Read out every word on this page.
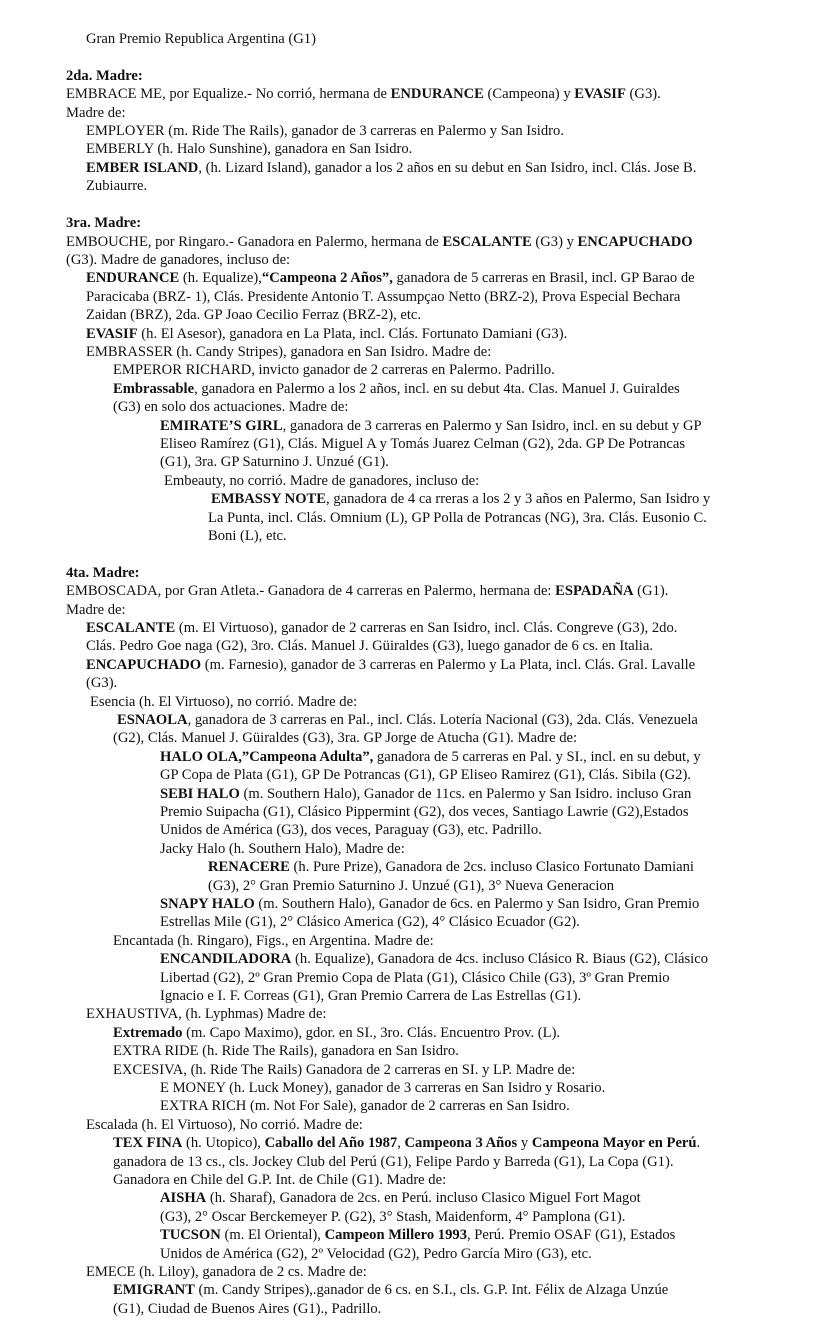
Gran Premio Republica Argentina (G1)
2da. Madre:
EMBRACE ME, por Equalize.- No corrió, hermana de ENDURANCE (Campeona) y EVASIF (G3).
Madre de:
EMPLOYER (m. Ride The Rails), ganador de 3 carreras en Palermo y San Isidro.
EMBERLY (h. Halo Sunshine), ganadora en San Isidro.
EMBER ISLAND, (h. Lizard Island), ganador a los 2 años en su debut en San Isidro, incl. Clás. Jose B.
Zubiaurre.
3ra. Madre:
EMBOUCHE, por Ringaro.- Ganadora en Palermo, hermana de ESCALANTE (G3) y ENCAPUCHADO
(G3). Madre de ganadores, incluso de:
ENDURANCE (h. Equalize),“Campeona 2 Años”, ganadora de 5 carreras en Brasil, incl. GP Barao de
Paracicaba (BRZ- 1), Clás. Presidente Antonio T. Assumpçao Netto (BRZ-2), Prova Especial Bechara
Zaidan (BRZ), 2da. GP Joao Cecilio Ferraz (BRZ-2), etc.
EVASIF (h. El Asesor), ganadora en La Plata, incl. Clás. Fortunato Damiani (G3).
EMBRASSER (h. Candy Stripes), ganadora en San Isidro. Madre de:
EMPEROR RICHARD, invicto ganador de 2 carreras en Palermo. Padrillo.
Embrassable, ganadora en Palermo a los 2 años, incl. en su debut 4ta. Clas. Manuel J. Guiraldes
(G3) en solo dos actuaciones. Madre de:
EMIRATE’S GIRL, ganadora de 3 carreras en Palermo y San Isidro, incl. en su debut y GP
Eliseo Ramírez (G1), Clás. Miguel A y Tomás Juarez Celman (G2), 2da. GP De Potrancas
(G1), 3ra. GP Saturnino J. Unzué (G1).
Embeauty, no corrió. Madre de ganadores, incluso de:
EMBASSY NOTE, ganadora de 4 ca rreras a los 2 y 3 años en Palermo, San Isidro y
La Punta, incl. Clás. Omnium (L), GP Polla de Potrancas (NG), 3ra. Clás. Eusonio C.
Boni (L), etc.
4ta. Madre:
EMBOSCADA, por Gran Atleta.- Ganadora de 4 carreras en Palermo, hermana de: ESPADAÑA (G1).
Madre de:
ESCALANTE (m. El Virtuoso), ganador de 2 carreras en San Isidro, incl. Clás. Congreve (G3), 2do.
Clás. Pedro Goe naga (G2), 3ro. Clás. Manuel J. Güiraldes (G3), luego ganador de 6 cs. en Italia.
ENCAPUCHADO (m. Farnesio), ganador de 3 carreras en Palermo y La Plata, incl. Clás. Gral. Lavalle
(G3).
Esencia (h. El Virtuoso), no corrió. Madre de:
ESNAOLA, ganadora de 3 carreras en Pal., incl. Clás. Lotería Nacional (G3), 2da. Clás. Venezuela
(G2), Clás. Manuel J. Güiraldes (G3), 3ra. GP Jorge de Atucha (G1). Madre de:
HALO OLA,”Campeona Adulta”, ganadora de 5 carreras en Pal. y SI., incl. en su debut, y
GP Copa de Plata (G1), GP De Potrancas (G1), GP Eliseo Ramirez (G1), Clás. Sibila (G2).
SEBI HALO (m. Southern Halo), Ganador de 11cs. en Palermo y San Isidro. incluso Gran
Premio Suipacha (G1), Clásico Pippermint (G2), dos veces, Santiago Lawrie (G2),Estados
Unidos de América (G3), dos veces, Paraguay (G3), etc. Padrillo.
Jacky Halo (h. Southern Halo), Madre de:
RENACERE (h. Pure Prize), Ganadora de 2cs. incluso Clasico Fortunato Damiani
(G3), 2° Gran Premio Saturnino J. Unzué (G1), 3° Nueva Generacion
SNAPY HALO (m. Southern Halo), Ganador de 6cs. en Palermo y San Isidro, Gran Premio
Estrellas Mile (G1), 2° Clásico America (G2), 4° Clásico Ecuador (G2).
Encantada (h. Ringaro), Figs., en Argentina. Madre de:
ENCANDILADORA (h. Equalize), Ganadora de 4cs. incluso Clásico R. Biaus (G2), Clásico
Libertad (G2), 2º Gran Premio Copa de Plata (G1), Clásico Chile (G3), 3º Gran Premio
Ignacio e I. F. Correas (G1), Gran Premio Carrera de Las Estrellas (G1).
EXHAUSTIVA, (h. Lyphmas) Madre de:
Extremado (m. Capo Maximo), gdor. en SI., 3ro. Clás. Encuentro Prov. (L).
EXTRA RIDE (h. Ride The Rails), ganadora en San Isidro.
EXCESIVA, (h. Ride The Rails) Ganadora de 2 carreras en SI. y LP. Madre de:
E MONEY (h. Luck Money), ganador de 3 carreras en San Isidro y Rosario.
EXTRA RICH (m. Not For Sale), ganador de 2 carreras en San Isidro.
Escalada (h. El Virtuoso), No corrió. Madre de:
TEX FINA (h. Utopico), Caballo del Año 1987, Campeona 3 Años y Campeona Mayor en Perú.
ganadora de 13 cs., cls. Jockey Club del Perú (G1), Felipe Pardo y Barreda (G1), La Copa (G1).
Ganadora en Chile del G.P. Int. de Chile (G1). Madre de:
AISHA (h. Sharaf), Ganadora de 2cs. en Perú. incluso Clasico Miguel Fort Magot
(G3), 2° Oscar Berckemeyer P. (G2), 3° Stash, Maidenform, 4° Pamplona (G1).
TUCSON (m. El Oriental), Campeon Millero 1993, Perú. Premio OSAF (G1), Estados
Unidos de América (G2), 2º Velocidad (G2), Pedro García Miro (G3), etc.
EMECE (h. Liloy), ganadora de 2 cs. Madre de:
EMIGRANT (m. Candy Stripes),.ganador de 6 cs. en S.I., cls. G.P. Int. Félix de Alzaga Unzúe
(G1), Ciudad de Buenos Aires (G1)., Padrillo.
